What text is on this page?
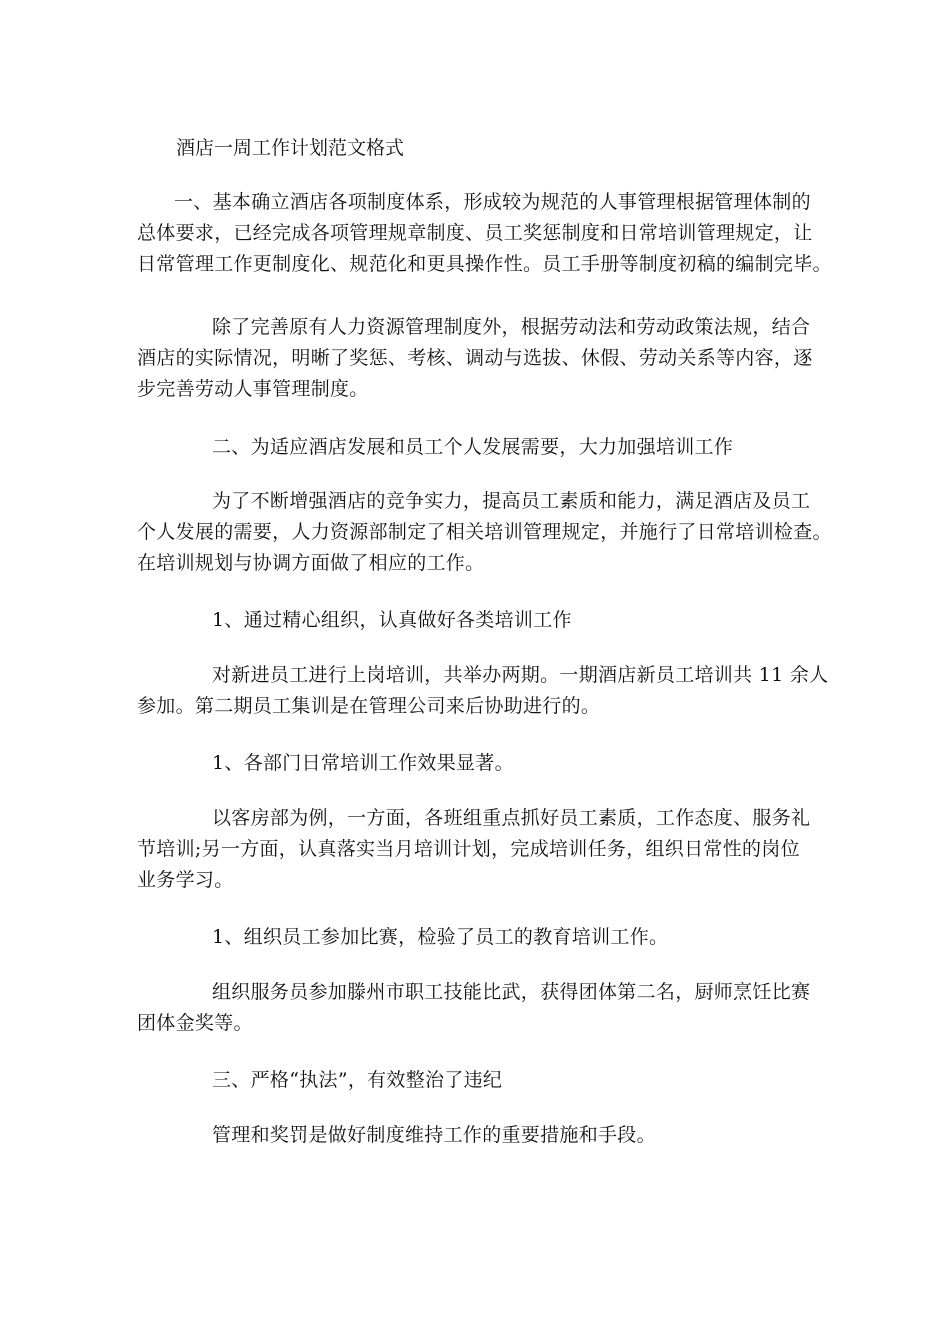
酒店一周工作计划范文格式

一、基本确立酒店各项制度体系，形成较为规范的人事管理根据管理体制的
总体要求，已经完成各项管理规章制度、员工奖惩制度和日常培训管理规定，让
日常管理工作更制度化、规范化和更具操作性。员工手册等制度初稿的编制完毕。

除了完善原有人力资源管理制度外，根据劳动法和劳动政策法规，结合
酒店的实际情况，明晰了奖惩、考核、调动与选拔、休假、劳动关系等内容，逐
步完善劳动人事管理制度。

二、为适应酒店发展和员工个人发展需要，大力加强培训工作

为了不断增强酒店的竞争实力，提高员工素质和能力，满足酒店及员工
个人发展的需要，人力资源部制定了相关培训管理规定，并施行了日常培训检查。
在培训规划与协调方面做了相应的工作。

1、通过精心组织，认真做好各类培训工作

对新进员工进行上岗培训，共举办两期。一期酒店新员工培训共 11 余人
参加。第二期员工集训是在管理公司来后协助进行的。

1、各部门日常培训工作效果显著。

以客房部为例，一方面，各班组重点抓好员工素质，工作态度、服务礼
节培训;另一方面，认真落实当月培训计划，完成培训任务，组织日常性的岗位
业务学习。

1、组织员工参加比赛，检验了员工的教育培训工作。

组织服务员参加滕州市职工技能比武，获得团体第二名，厨师烹饪比赛
团体金奖等。

三、严格“执法”，有效整治了违纪

管理和奖罚是做好制度维持工作的重要措施和手段。
